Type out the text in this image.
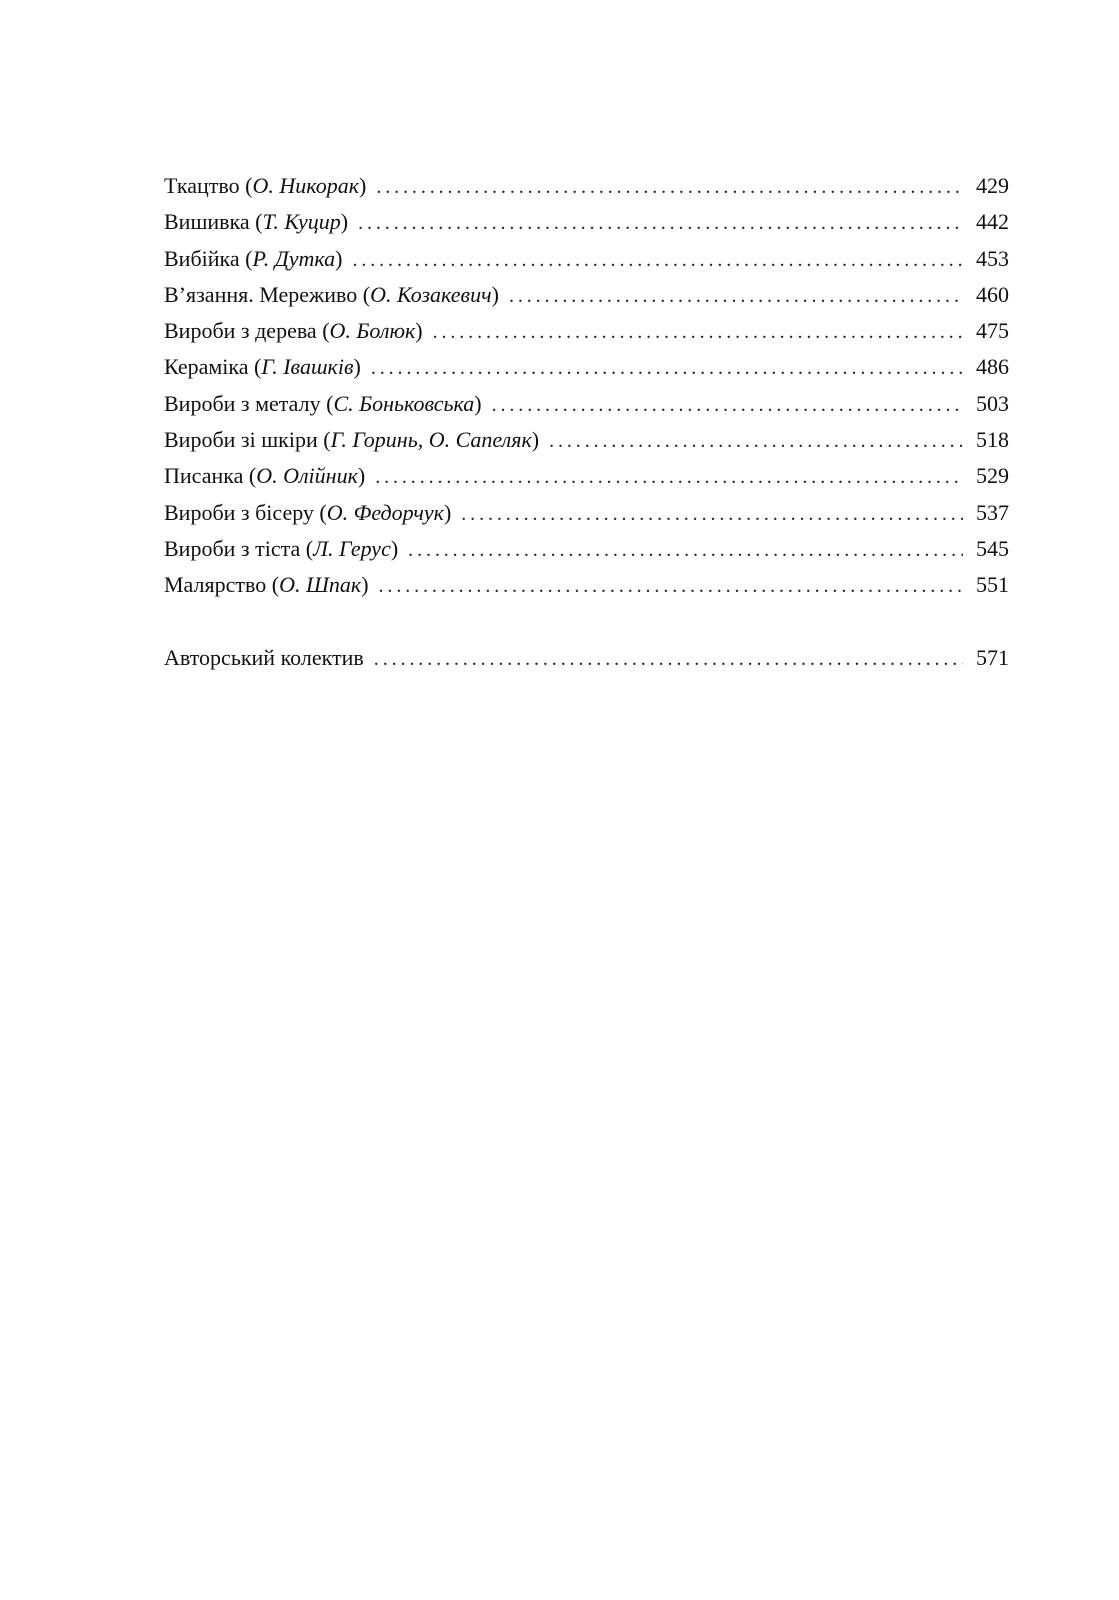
Ткацтво (О. Никорак) . . .	429
Вишивка (Т. Куцир) . . .	442
Вибійка (Р. Дутка) . . .	453
В’язання. Мереживо (О. Козакевич) . . .	460
Вироби з дерева (О. Болюк) . . .	475
Кераміка (Г. Івашків) . . .	486
Вироби з металу (С. Боньковська) . . .	503
Вироби зі шкіри (Г. Горинь, О. Сапеляк) . . .	518
Писанка (О. Олійник) . . .	529
Вироби з бісеру (О. Федорчук) . . .	537
Вироби з тіста (Л. Герус) . . .	545
Малярство (О. Шпак) . . .	551
Авторський колектив . . .	571
